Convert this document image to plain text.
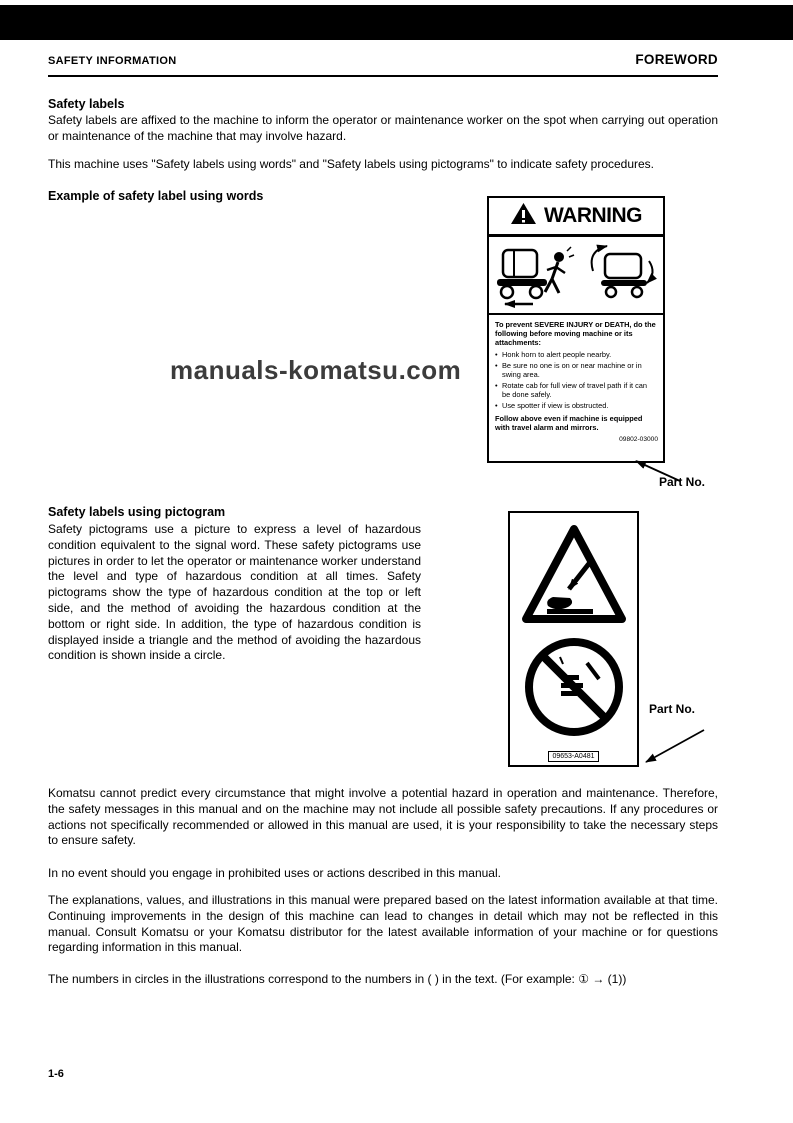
SAFETY INFORMATION	FOREWORD
Safety labels
Safety labels are affixed to the machine to inform the operator or maintenance worker on the spot when carrying out operation or maintenance of the machine that may involve hazard.
This machine uses "Safety labels using words" and "Safety labels using pictograms" to indicate safety procedures.
Example of safety label using words
WARNING
To prevent SEVERE INJURY or DEATH, do the following before moving machine or its attachments:
• Honk horn to alert people nearby.
• Be sure no one is on or near machine or in swing area.
• Rotate cab for full view of travel path if it can be done safely.
• Use spotter if view is obstructed.
Follow above even if machine is equipped with travel alarm and mirrors.
09802-03000
manuals-komatsu.com
Part No.
Safety labels using pictogram
Safety pictograms use a picture to express a level of hazardous condition equivalent to the signal word. These safety pictograms use pictures in order to let the operator or maintenance worker understand the level and type of hazardous condition at all times. Safety pictograms show the type of hazardous condition at the top or left side, and the method of avoiding the hazardous condition at the bottom or right side. In addition, the type of hazardous condition is displayed inside a triangle and the method of avoiding the hazardous condition is shown inside a circle.
09653-A0481
Part No.
Komatsu cannot predict every circumstance that might involve a potential hazard in operation and maintenance. Therefore, the safety messages in this manual and on the machine may not include all possible safety precautions. If any procedures or actions not specifically recommended or allowed in this manual are used, it is your responsibility to take the necessary steps to ensure safety.
In no event should you engage in prohibited uses or actions described in this manual.
The explanations, values, and illustrations in this manual were prepared based on the latest information available at that time. Continuing improvements in the design of this machine can lead to changes in detail which may not be reflected in this manual. Consult Komatsu or your Komatsu distributor for the latest available information of your machine or for questions regarding information in this manual.
The numbers in circles in the illustrations correspond to the numbers in ( ) in the text. (For example: ① → (1))
1-6
